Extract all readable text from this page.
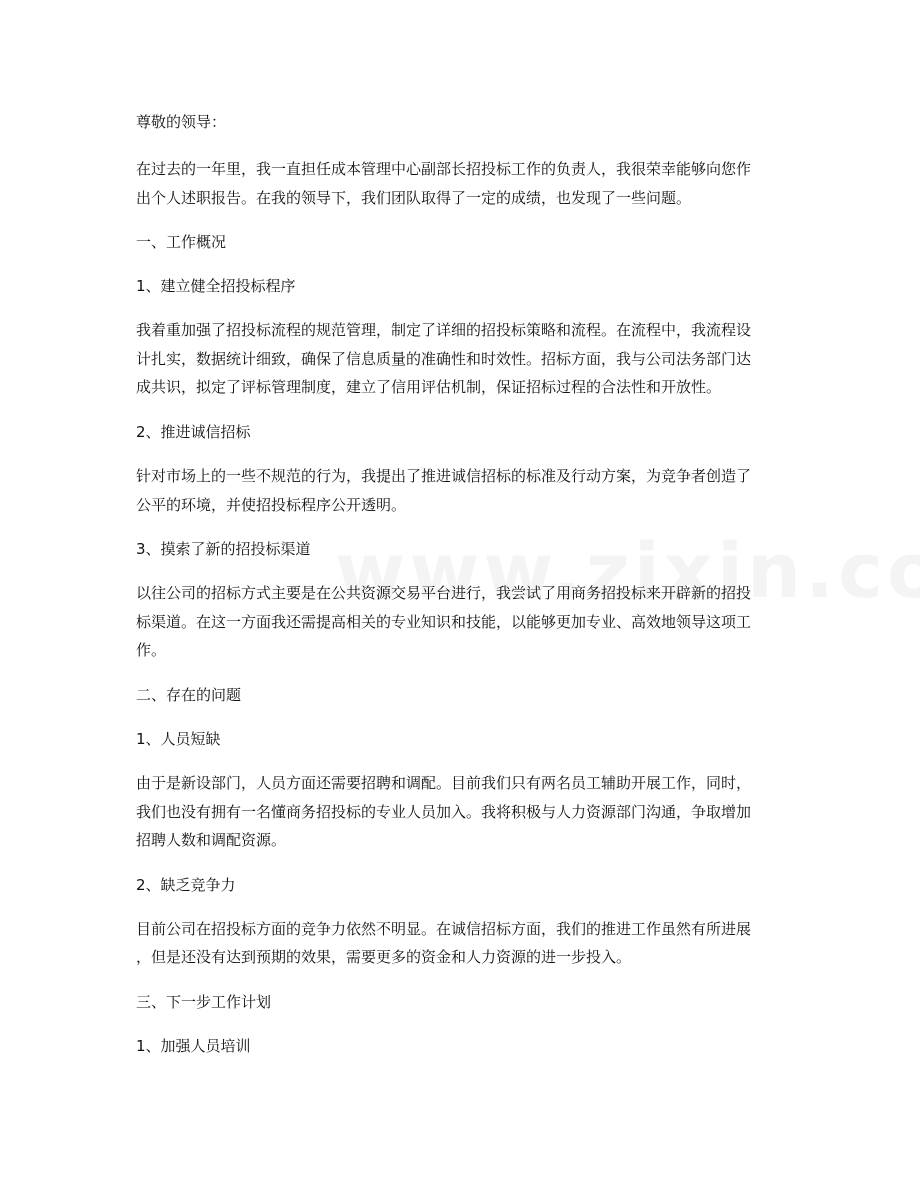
尊敬的领导：
在过去的一年里，我一直担任成本管理中心副部长招投标工作的负责人，我很荣幸能够向您作
出个人述职报告。在我的领导下，我们团队取得了一定的成绩，也发现了一些问题。
一、工作概况
1、建立健全招投标程序
我着重加强了招投标流程的规范管理，制定了详细的招投标策略和流程。在流程中，我流程设
计扎实，数据统计细致，确保了信息质量的准确性和时效性。招标方面，我与公司法务部门达
成共识，拟定了评标管理制度，建立了信用评估机制，保证招标过程的合法性和开放性。
2、推进诚信招标
针对市场上的一些不规范的行为，我提出了推进诚信招标的标准及行动方案，为竞争者创造了
公平的环境，并使招投标程序公开透明。
3、摸索了新的招投标渠道
以往公司的招标方式主要是在公共资源交易平台进行，我尝试了用商务招投标来开辟新的招投
标渠道。在这一方面我还需提高相关的专业知识和技能，以能够更加专业、高效地领导这项工
作。
二、存在的问题
1、人员短缺
由于是新设部门，人员方面还需要招聘和调配。目前我们只有两名员工辅助开展工作，同时，
我们也没有拥有一名懂商务招投标的专业人员加入。我将积极与人力资源部门沟通，争取增加
招聘人数和调配资源。
2、缺乏竞争力
目前公司在招投标方面的竞争力依然不明显。在诚信招标方面，我们的推进工作虽然有所进展
，但是还没有达到预期的效果，需要更多的资金和人力资源的进一步投入。
三、下一步工作计划
1、加强人员培训
